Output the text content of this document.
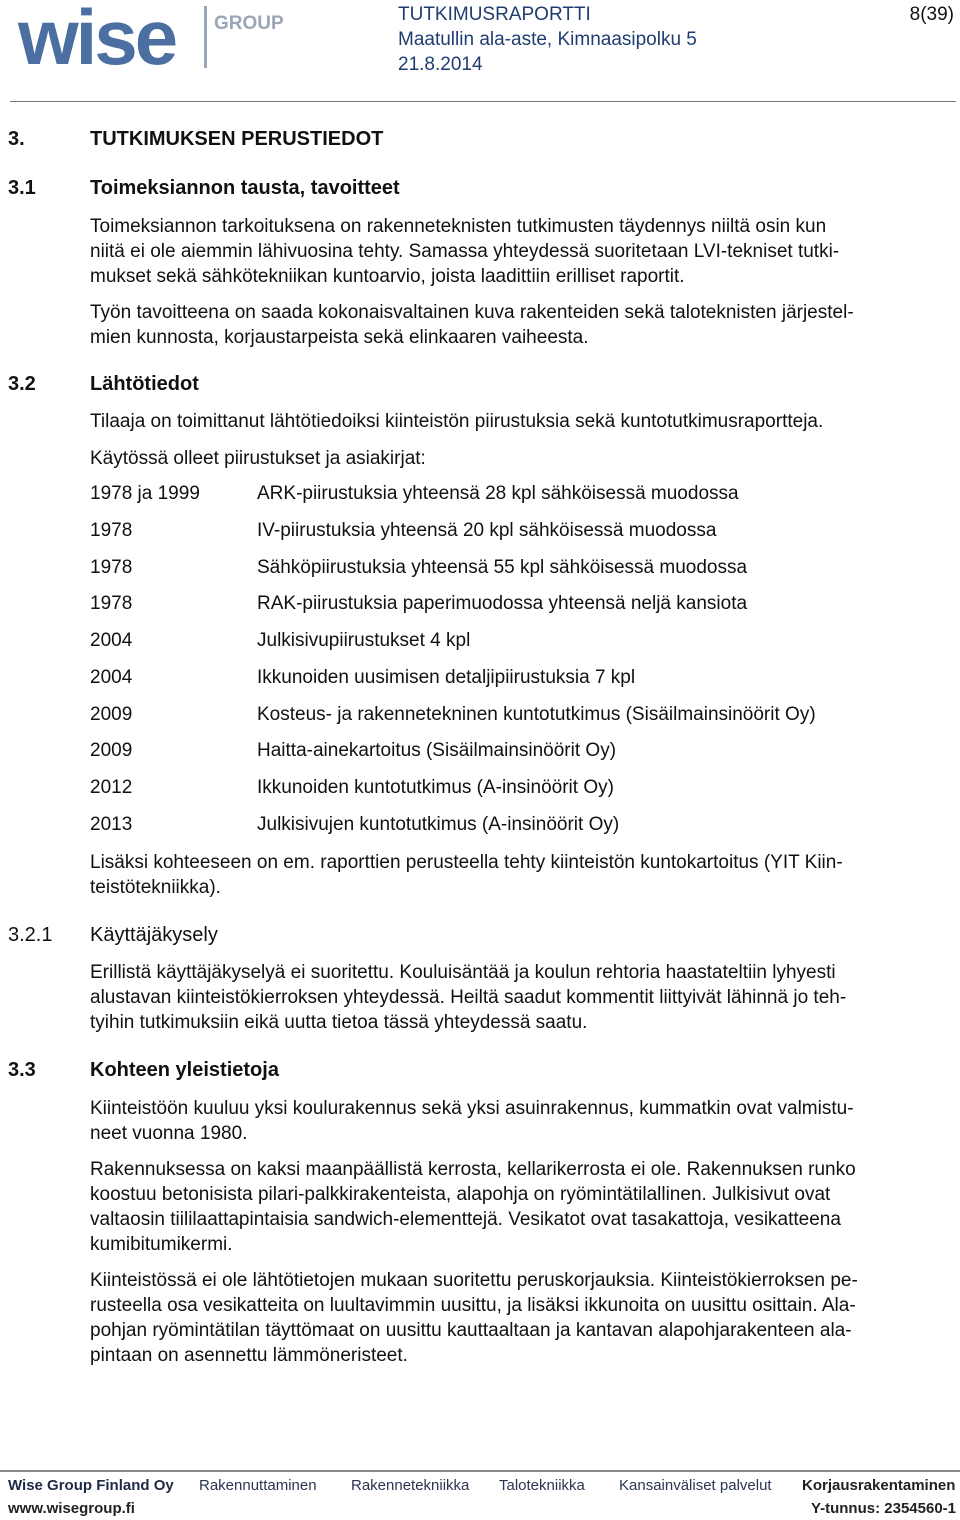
wise GROUP	TUTKIMUSRAPORTTI
Maatullin ala-aste, Kimnaasipolku 5
21.8.2014
8(39)
3.	TUTKIMUKSEN PERUSTIEDOT
3.1	Toimeksiannon tausta, tavoitteet
Toimeksiannon tarkoituksena on rakenneteknisten tutkimusten täydennys niiltä osin kun
niitä ei ole aiemmin lähivuosina tehty. Samassa yhteydessä suoritetaan LVI-tekniset tutki-
mukset sekä sähkötekniikan kuntoarvio, joista laadittiin erilliset raportit.
Työn tavoitteena on saada kokonaisvaltainen kuva rakenteiden sekä taloteknisten järjestel-
mien kunnosta, korjaustarpeista sekä elinkaaren vaiheesta.
3.2	Lähtötiedot
Tilaaja on toimittanut lähtötiedoiksi kiinteistön piirustuksia sekä kuntotutkimusraportteja.
Käytössä olleet piirustukset ja asiakirjat:
1978 ja 1999	ARK-piirustuksia yhteensä 28 kpl sähköisessä muodossa
1978	IV-piirustuksia yhteensä 20 kpl sähköisessä muodossa
1978	Sähköpiirustuksia yhteensä 55 kpl sähköisessä muodossa
1978	RAK-piirustuksia paperimuodossa yhteensä neljä kansiota
2004	Julkisivupiirustukset 4 kpl
2004	Ikkunoiden uusimisen detaljipiirustuksia 7 kpl
2009	Kosteus- ja rakennetekninen kuntotutkimus (Sisäilmainsinöörit Oy)
2009	Haitta-ainekartoitus (Sisäilmainsinöörit Oy)
2012	Ikkunoiden kuntotutkimus (A-insinöörit Oy)
2013	Julkisivujen kuntotutkimus (A-insinöörit Oy)
Lisäksi kohteeseen on em. raporttien perusteella tehty kiinteistön kuntokartoitus (YIT Kiin-
teistötekniikka).
3.2.1 Käyttäjäkysely
Erillistä käyttäjäkyselyä ei suoritettu. Kouluisäntää ja koulun rehtoria haastateltiin lyhyesti
alustavan kiinteistökierroksen yhteydessä. Heiltä saadut kommentit liittyivät lähinnä jo teh-
tyihin tutkimuksiin eikä uutta tietoa tässä yhteydessä saatu.
3.3	Kohteen yleistietoja
Kiinteistöön kuuluu yksi koulurakennus sekä yksi asuinrakennus, kummatkin ovat valmistu-
neet vuonna 1980.
Rakennuksessa on kaksi maanpäällistä kerrosta, kellarikerrosta ei ole. Rakennuksen runko
koostuu betonisista pilari-palkkirakenteista, alapohja on ryömintätilallinen. Julkisivut ovat
valtaosin tiililaattapintaisia sandwich-elementtejä. Vesikatot ovat tasakattoja, vesikatteena
kumibitumikermi.
Kiinteistössä ei ole lähtötietojen mukaan suoritettu peruskorjauksia. Kiinteistökierroksen pe-
rusteella osa vesikatteita on luultavimmin uusittu, ja lisäksi ikkunoita on uusittu osittain. Ala-
pohjan ryömintätilan täyttömaat on uusittu kauttaaltaan ja kantavan alapohjarakenteen ala-
pintaan on asennettu lämmöneristeet.
Wise Group Finland Oy Rakennuttaminen Rakennetekniikka Talotekniikka Kansainväliset palvelut Korjausrakentaminen
www.wisegroup.fi	Y-tunnus: 2354560-1
